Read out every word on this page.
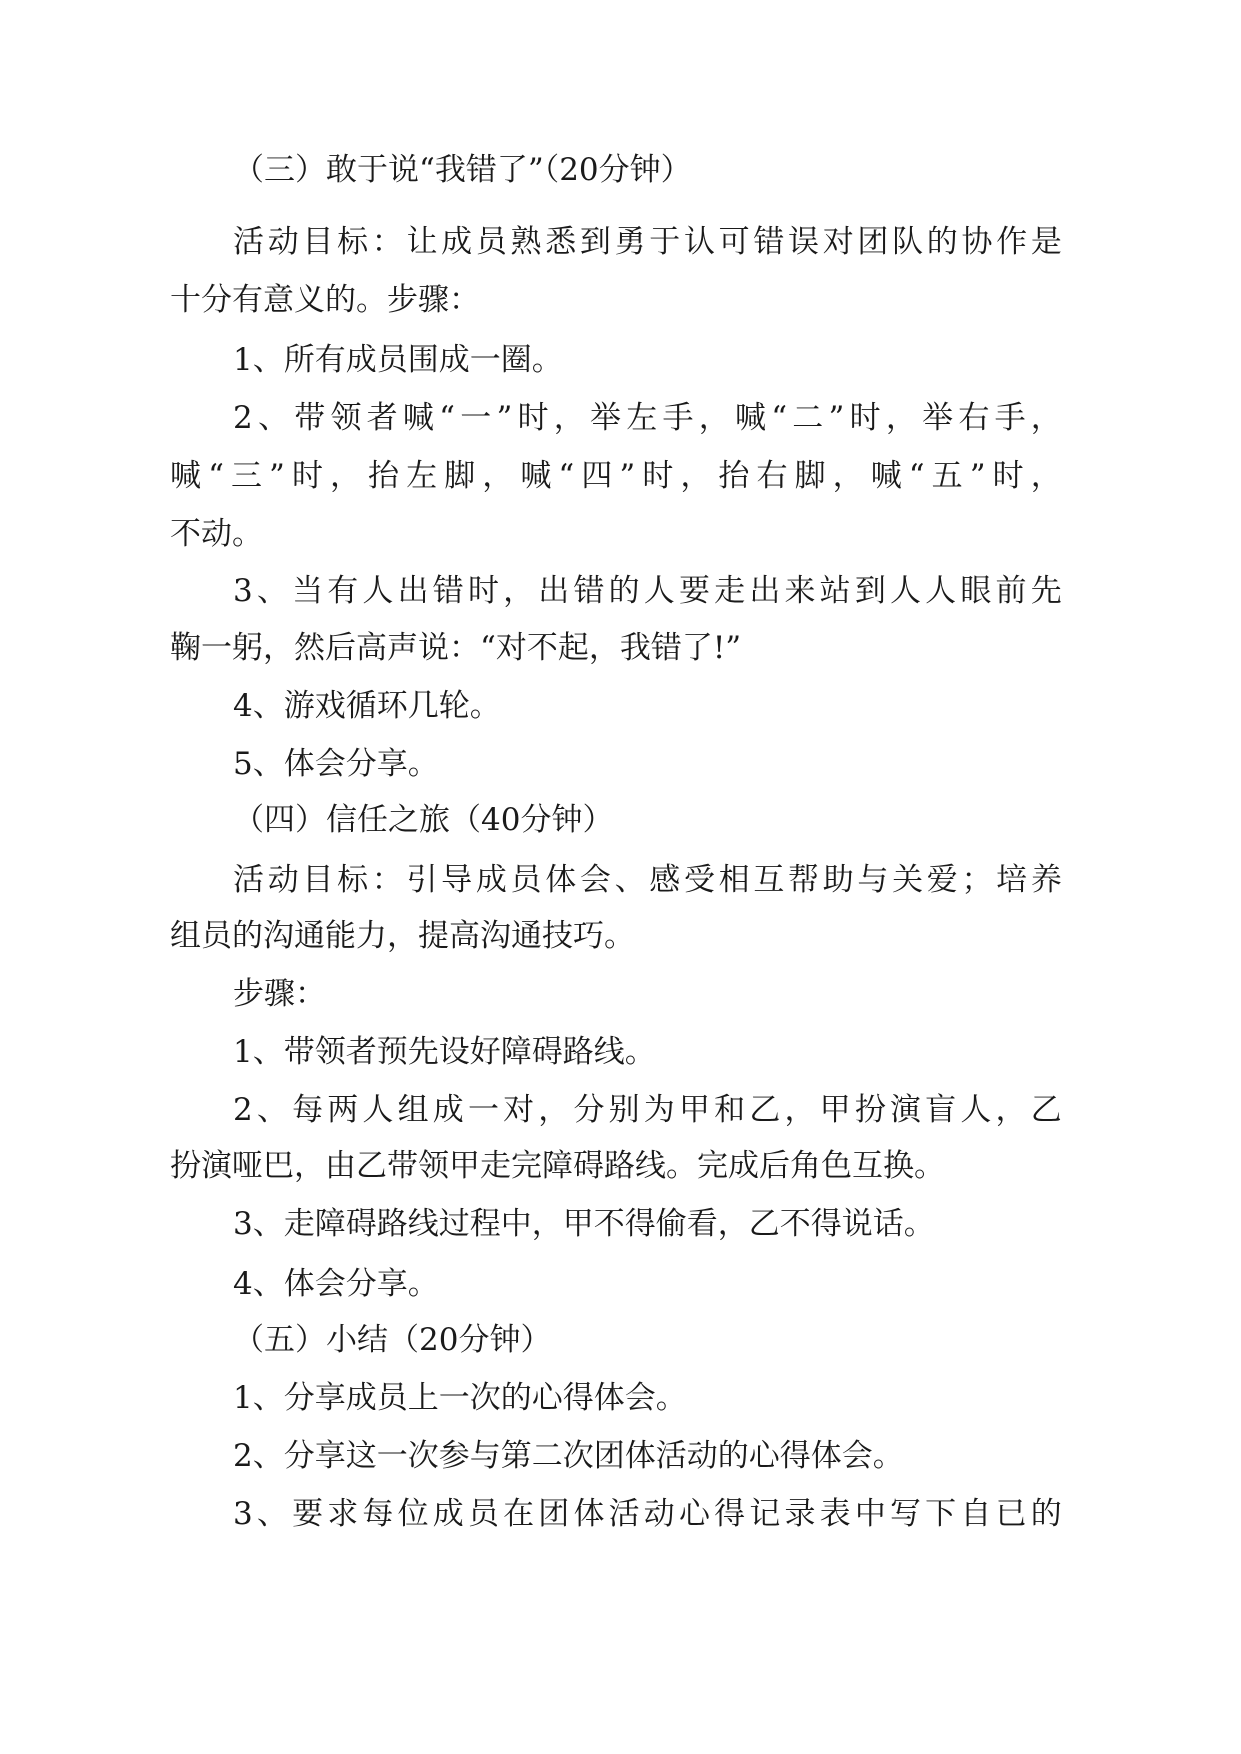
（三）敢于说“我错了”（20分钟）
活 动 目 标 ： 让 成 员 熟 悉 到 勇 于 认 可 错 误 对 团 队 的 协 作 是
十分有意义的。步骤：
1、所有成员围成一圈。
2 、 带 领 者 喊 “ 一 ” 时 ， 举 左 手 ， 喊 “ 二 ” 时 ， 举 右 手 ，
喊 “ 三 ” 时 ， 抬 左 脚 ， 喊 “ 四 ” 时 ， 抬 右 脚 ， 喊 “ 五 ” 时 ，
不动。
3 、 当 有 人 出 错 时 ， 出 错 的 人 要 走 出 来 站 到 人 人 眼 前 先
鞠一躬，然后高声说：“对不起，我错了!”
4、游戏循环几轮。
5、体会分享。
（四）信任之旅（40分钟）
活 动 目 标 ： 引 导 成 员 体 会 、 感 受 相 互 帮 助 与 关 爱 ； 培 养
组员的沟通能力，提高沟通技巧。
步骤：
1、带领者预先设好障碍路线。
2 、 每 两 人 组 成 一 对 ， 分 别 为 甲 和 乙 ， 甲 扮 演 盲 人 ， 乙
扮演哑巴，由乙带领甲走完障碍路线。完成后角色互换。
3、走障碍路线过程中，甲不得偷看，乙不得说话。
4、体会分享。
（五）小结（20分钟）
1、分享成员上一次的心得体会。
2、分享这一次参与第二次团体活动的心得体会。
3 、 要 求 每 位 成 员 在 团 体 活 动 心 得 记 录 表 中 写 下 自 已 的
